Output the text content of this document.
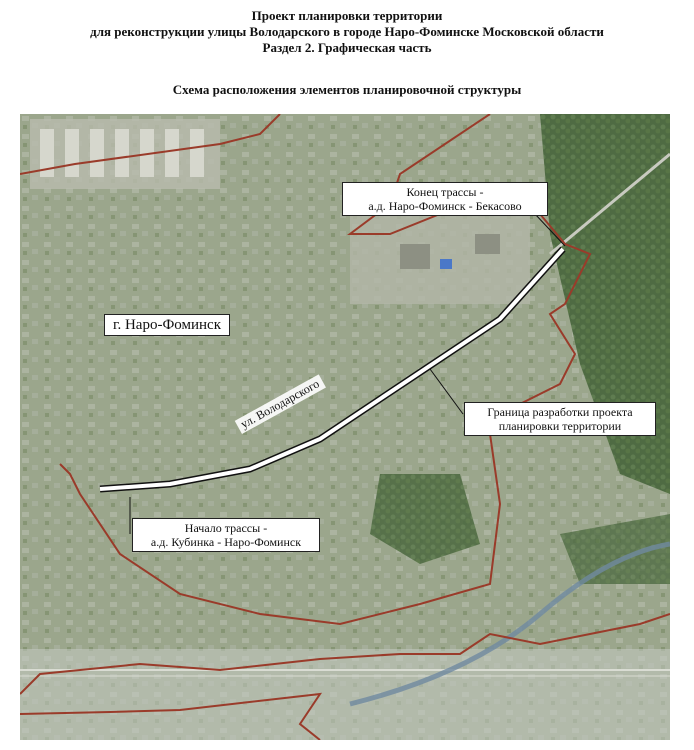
Проект планировки территории
для реконструкции улицы Володарского в городе Наро-Фоминске Московской области
Раздел 2. Графическая часть
Схема расположения элементов планировочной структуры
Конец трассы -
а.д. Наро-Фоминск - Бекасово
г. Наро-Фоминск
ул. Володарского	Граница разработки проекта
планировки территории
Начало трассы -
а.д. Кубинка - Наро-Фоминск
